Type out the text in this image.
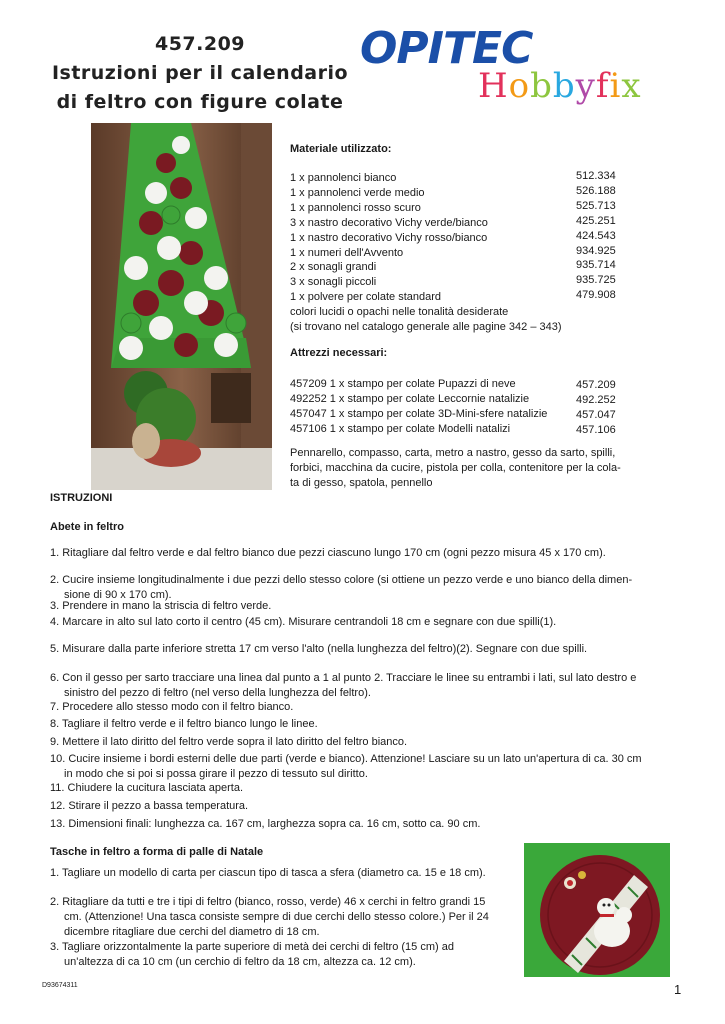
457.209
Istruzioni per il calendario
di feltro con figure colate
OPITEC
Hobbyfix
Materiale utilizzato:
1 x pannolenci bianco
1 x pannolenci verde medio
1 x pannolenci rosso scuro
3 x nastro decorativo Vichy verde/bianco
1 x nastro decorativo Vichy rosso/bianco
1 x numeri dell'Avvento
2 x sonagli grandi
3 x sonagli piccoli
1 x polvere per colate standard
colori lucidi o opachi nelle tonalità desiderate
(si trovano nel catalogo generale alle pagine 342 – 343)
512.334
526.188
525.713
425.251
424.543
934.925
935.714
935.725
479.908
Attrezzi necessari:
457209 1 x stampo per colate Pupazzi di neve
492252 1 x stampo per colate Leccornie natalizie
457047 1 x stampo per colate 3D-Mini-sfere natalizie
457106 1 x stampo per colate Modelli natalizi
457.209
492.252
457.047
457.106
Pennarello, compasso, carta, metro a nastro, gesso da sarto, spilli,
forbici, macchina da cucire, pistola per colla, contenitore per la cola-
ta di gesso, spatola, pennello
ISTRUZIONI
Abete in feltro
1. Ritagliare dal feltro verde e dal feltro bianco due pezzi ciascuno lungo 170 cm (ogni pezzo misura 45 x 170 cm).
2. Cucire insieme longitudinalmente i due pezzi dello stesso colore (si ottiene un pezzo verde e uno bianco della dimen-
sione di 90 x 170 cm).
3. Prendere in mano la striscia di feltro verde.
4. Marcare in alto sul lato corto il centro (45 cm). Misurare centrandoli 18 cm e segnare con due spilli(1).
5. Misurare dalla parte inferiore stretta 17 cm verso l'alto (nella lunghezza del feltro)(2). Segnare con due spilli.
6. Con il gesso per sarto tracciare una linea dal punto a 1 al punto 2. Tracciare le linee su entrambi i lati, sul lato destro e
sinistro del pezzo di feltro (nel verso della lunghezza del feltro).
7. Procedere allo stesso modo con il feltro bianco.
8. Tagliare il feltro verde e il feltro bianco lungo le linee.
9. Mettere il lato diritto del feltro verde sopra il lato diritto del feltro bianco.
10. Cucire insieme i bordi esterni delle due parti (verde e bianco). Attenzione! Lasciare su un lato un'apertura di ca. 30 cm
in modo che si poi si possa girare il pezzo di tessuto sul diritto.
11. Chiudere la cucitura lasciata aperta.
12. Stirare il pezzo a bassa temperatura.
13. Dimensioni finali: lunghezza ca. 167 cm, larghezza sopra ca. 16 cm, sotto ca. 90 cm.
Tasche in feltro a forma di palle di Natale
1. Tagliare un modello di carta per ciascun tipo di tasca a sfera (diametro ca. 15 e 18 cm).
2. Ritagliare da tutti e tre i tipi di feltro (bianco, rosso, verde) 46 x cerchi in feltro grandi 15
cm. (Attenzione! Una tasca consiste sempre di due cerchi dello stesso colore.) Per il 24
dicembre ritagliare due cerchi del diametro di 18 cm.
3. Tagliare orizzontalmente la parte superiore di metà dei cerchi di feltro (15 cm) ad
un'altezza di ca 10 cm (un cerchio di feltro da 18 cm, altezza ca. 12 cm).
D93674311	1
